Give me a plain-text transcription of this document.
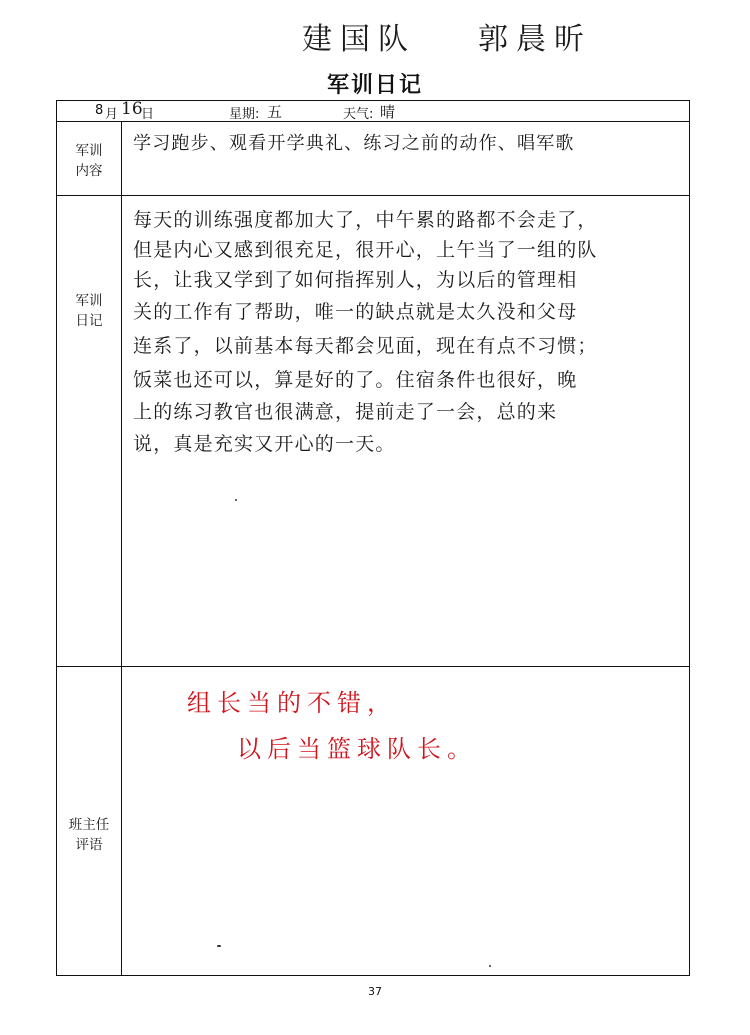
建国队 郭晨昕
军训日记
8 月 16
日	星期: 五	天气: 晴
军训
内容
学习跑步、观看开学典礼、练习之前的动作、唱军歌
军训
日记
每天的训练强度都加大了，中午累的路都不会走了，
但是内心又感到很充足，很开心，上午当了一组的队
长，让我又学到了如何指挥别人，为以后的管理相
关的工作有了帮助，唯一的缺点就是太久没和父母
连系了，以前基本每天都会见面，现在有点不习惯；
饭菜也还可以，算是好的了。住宿条件也很好，晚
上的练习教官也很满意，提前走了一会，总的来
说，真是充实又开心的一天。
班主任
评语
组长当的不错，
以后当篮球队长。
37
